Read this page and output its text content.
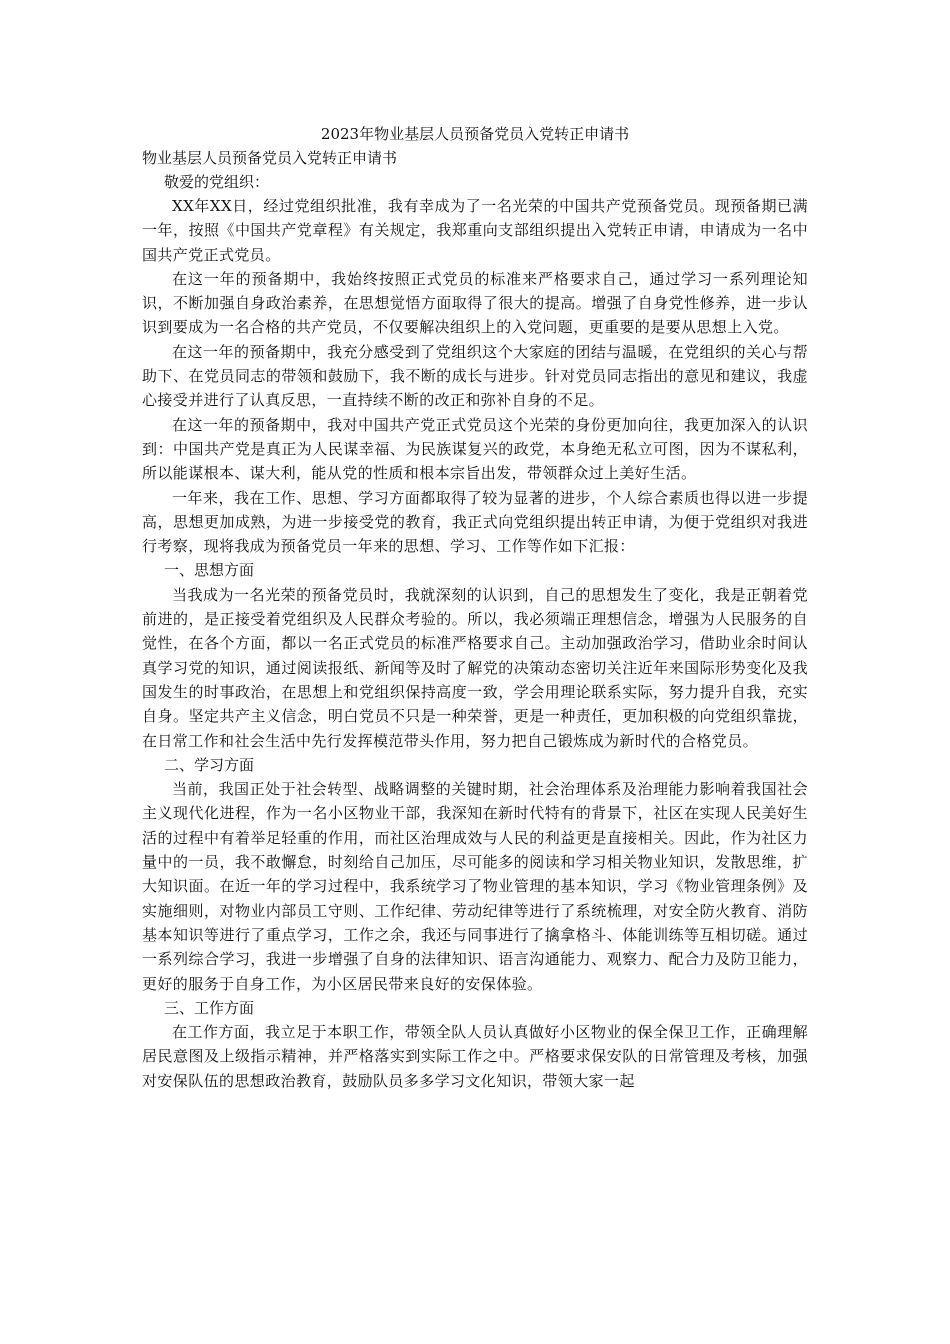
2023年物业基层人员预备党员入党转正申请书

物业基层人员预备党员入党转正申请书

敬爱的党组织：

XX年XX日，经过党组织批准，我有幸成为了一名光荣的中国共产党预备党员。现预备期已满一年，按照《中国共产党章程》有关规定，我郑重向支部组织提出入党转正申请，申请成为一名中国共产党正式党员。

在这一年的预备期中，我始终按照正式党员的标准来严格要求自己，通过学习一系列理论知识，不断加强自身政治素养，在思想觉悟方面取得了很大的提高。增强了自身党性修养，进一步认识到要成为一名合格的共产党员，不仅要解决组织上的入党问题，更重要的是要从思想上入党。

在这一年的预备期中，我充分感受到了党组织这个大家庭的团结与温暖，在党组织的关心与帮助下、在党员同志的带领和鼓励下，我不断的成长与进步。针对党员同志指出的意见和建议，我虚心接受并进行了认真反思，一直持续不断的改正和弥补自身的不足。

在这一年的预备期中，我对中国共产党正式党员这个光荣的身份更加向往，我更加深入的认识到：中国共产党是真正为人民谋幸福、为民族谋复兴的政党，本身绝无私立可图，因为不谋私利，所以能谋根本、谋大利，能从党的性质和根本宗旨出发，带领群众过上美好生活。

一年来，我在工作、思想、学习方面都取得了较为显著的进步，个人综合素质也得以进一步提高，思想更加成熟，为进一步接受党的教育，我正式向党组织提出转正申请，为便于党组织对我进行考察，现将我成为预备党员一年来的思想、学习、工作等作如下汇报：

一、思想方面

当我成为一名光荣的预备党员时，我就深刻的认识到，自己的思想发生了变化，我是正朝着党前进的，是正接受着党组织及人民群众考验的。所以，我必须端正理想信念，增强为人民服务的自觉性，在各个方面，都以一名正式党员的标准严格要求自己。主动加强政治学习，借助业余时间认真学习党的知识，通过阅读报纸、新闻等及时了解党的决策动态密切关注近年来国际形势变化及我国发生的时事政治，在思想上和党组织保持高度一致，学会用理论联系实际，努力提升自我，充实自身。坚定共产主义信念，明白党员不只是一种荣誉，更是一种责任，更加积极的向党组织靠拢，在日常工作和社会生活中先行发挥模范带头作用，努力把自己锻炼成为新时代的合格党员。

二、学习方面

当前，我国正处于社会转型、战略调整的关键时期，社会治理体系及治理能力影响着我国社会主义现代化进程，作为一名小区物业干部，我深知在新时代特有的背景下，社区在实现人民美好生活的过程中有着举足轻重的作用，而社区治理成效与人民的利益更是直接相关。因此，作为社区力量中的一员，我不敢懈怠，时刻给自己加压，尽可能多的阅读和学习相关物业知识，发散思维，扩大知识面。在近一年的学习过程中，我系统学习了物业管理的基本知识，学习《物业管理条例》及实施细则，对物业内部员工守则、工作纪律、劳动纪律等进行了系统梳理，对安全防火教育、消防基本知识等进行了重点学习，工作之余，我还与同事进行了擒拿格斗、体能训练等互相切磋。通过一系列综合学习，我进一步增强了自身的法律知识、语言沟通能力、观察力、配合力及防卫能力，更好的服务于自身工作，为小区居民带来良好的安保体验。

三、工作方面

在工作方面，我立足于本职工作，带领全队人员认真做好小区物业的保全保卫工作，正确理解居民意图及上级指示精神，并严格落实到实际工作之中。严格要求保安队的日常管理及考核，加强对安保队伍的思想政治教育，鼓励队员多多学习文化知识，带领大家一起
